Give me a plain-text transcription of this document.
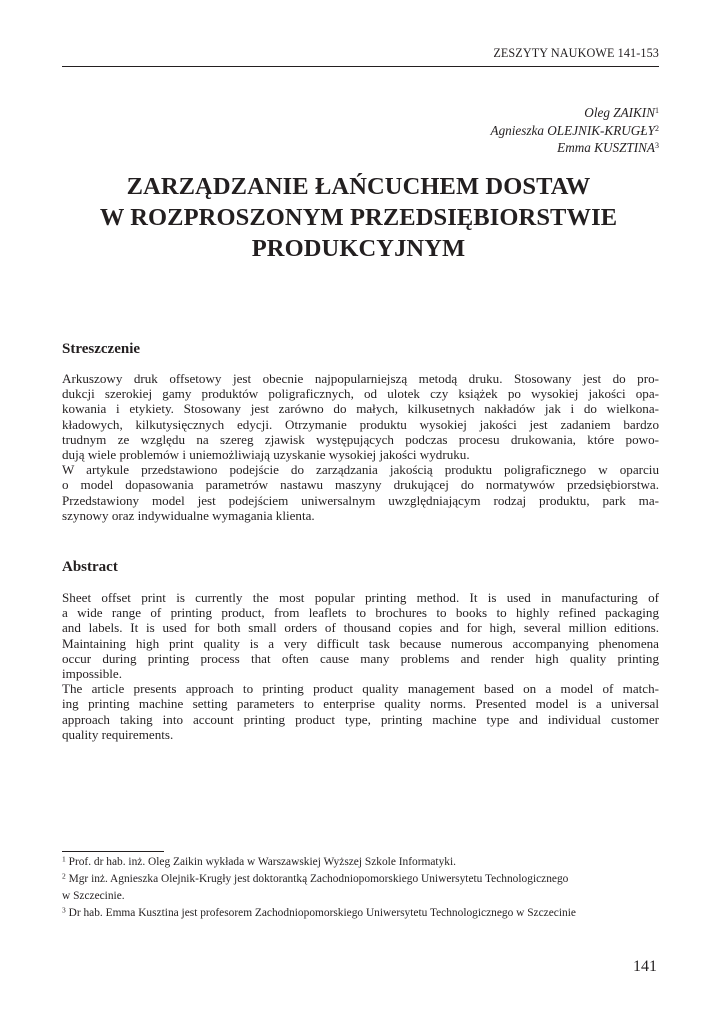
ZESZYTY NAUKOWE 141-153
Oleg ZAIKIN$^1$
Agnieszka OLEJNIK-KRUGŁY$^2$
Emma KUSZTINA$^3$
ZARZĄDZANIE ŁAŃCUCHEM DOSTAW
W ROZPROSZONYM PRZEDSIĘBIORSTWIE
PRODUKCYJNYM
Streszczenie
Arkuszowy druk offsetowy jest obecnie najpopularniejszą metodą druku. Stosowany jest do pro-
dukcji szerokiej gamy produktów poligraficznych, od ulotek czy książek po wysokiej jakości opa-
kowania i etykiety. Stosowany jest zarówno do małych, kilkusetnych nakładów jak i do wielkona-
kładowych, kilkutysięcznych edycji. Otrzymanie produktu wysokiej jakości jest zadaniem bardzo
trudnym ze względu na szereg zjawisk występujących podczas procesu drukowania, które powo-
dują wiele problemów i uniemożliwiają uzyskanie wysokiej jakości wydruku.
W artykule przedstawiono podejście do zarządzania jakością produktu poligraficznego w oparciu
o model dopasowania parametrów nastawu maszyny drukującej do normatywów przedsiębiorstwa.
Przedstawiony model jest podejściem uniwersalnym uwzględniającym rodzaj produktu, park ma-
szynowy oraz indywidualne wymagania klienta.
Abstract
Sheet offset print is currently the most popular printing method. It is used in manufacturing of
a wide range of printing product, from leaflets to brochures to books to highly refined packaging
and labels. It is used for both small orders of thousand copies and for high, several million editions.
Maintaining high print quality is a very difficult task because numerous accompanying phenomena
occur during printing process that often cause many problems and render high quality printing
impossible.
The article presents approach to printing product quality management based on a model of match-
ing printing machine setting parameters to enterprise quality norms. Presented model is a universal
approach taking into account printing product type, printing machine type and individual customer
quality requirements.
$^1$ Prof. dr hab. inż. Oleg Zaikin wykłada w Warszawskiej Wyższej Szkole Informatyki.
$^2$ Mgr inż. Agnieszka Olejnik-Krugły jest doktorantką Zachodniopomorskiego Uniwersytetu Technologicznego
w Szczecinie.
$^3$ Dr hab. Emma Kusztina jest profesorem Zachodniopomorskiego Uniwersytetu Technologicznego w Szczecinie
141
